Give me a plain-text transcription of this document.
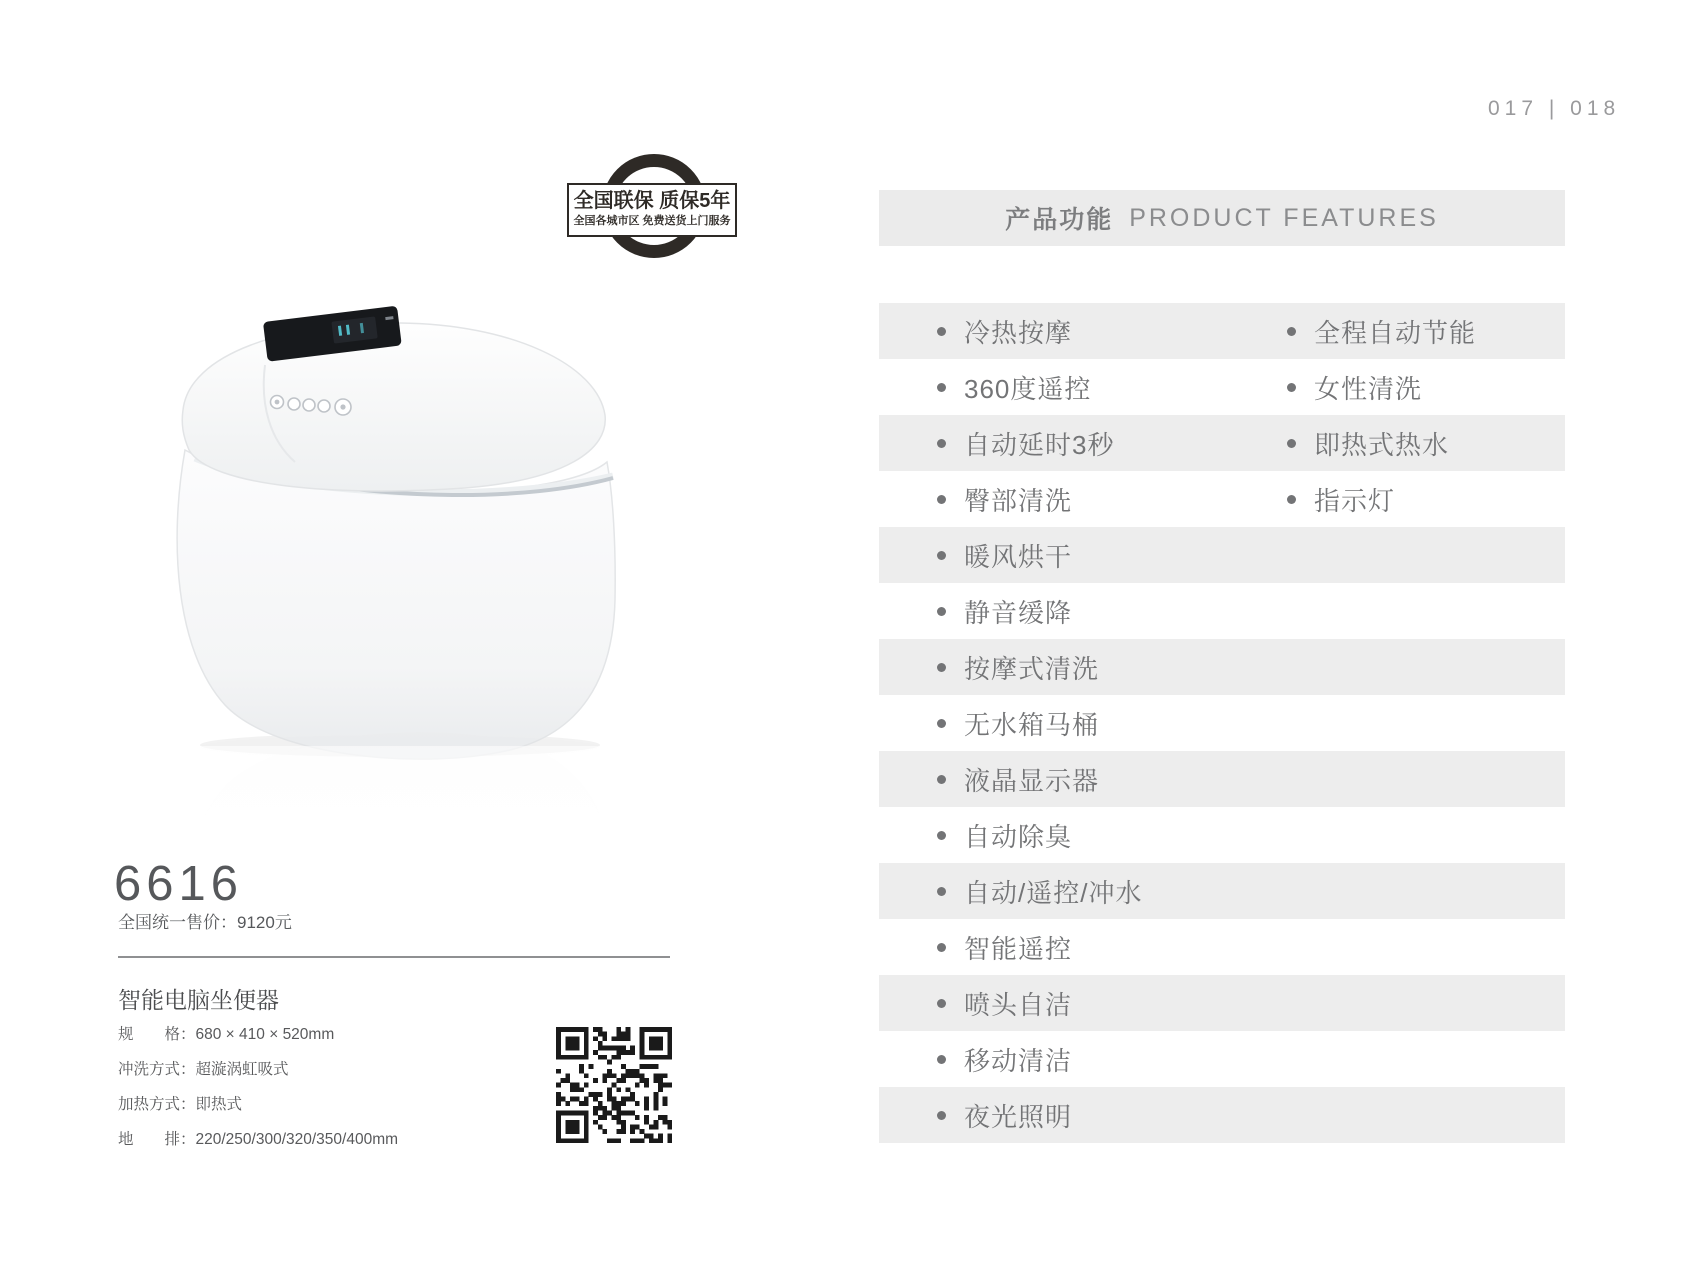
017 | 018
全国联保 质保5年
全国各城市区 免费送货上门服务
6616
全国统一售价：9120元
智能电脑坐便器
规　　格：680 × 410 × 520mm
冲洗方式：超漩涡虹吸式
加热方式：即热式
地　　排：220/250/300/320/350/400mm
产品功能 PRODUCT FEATURES
冷热按摩	全程自动节能
360度遥控	女性清洗
自动延时3秒	即热式热水
臀部清洗	指示灯
暖风烘干
静音缓降
按摩式清洗
无水箱马桶
液晶显示器
自动除臭
自动/遥控/冲水
智能遥控
喷头自洁
移动清洁
夜光照明
